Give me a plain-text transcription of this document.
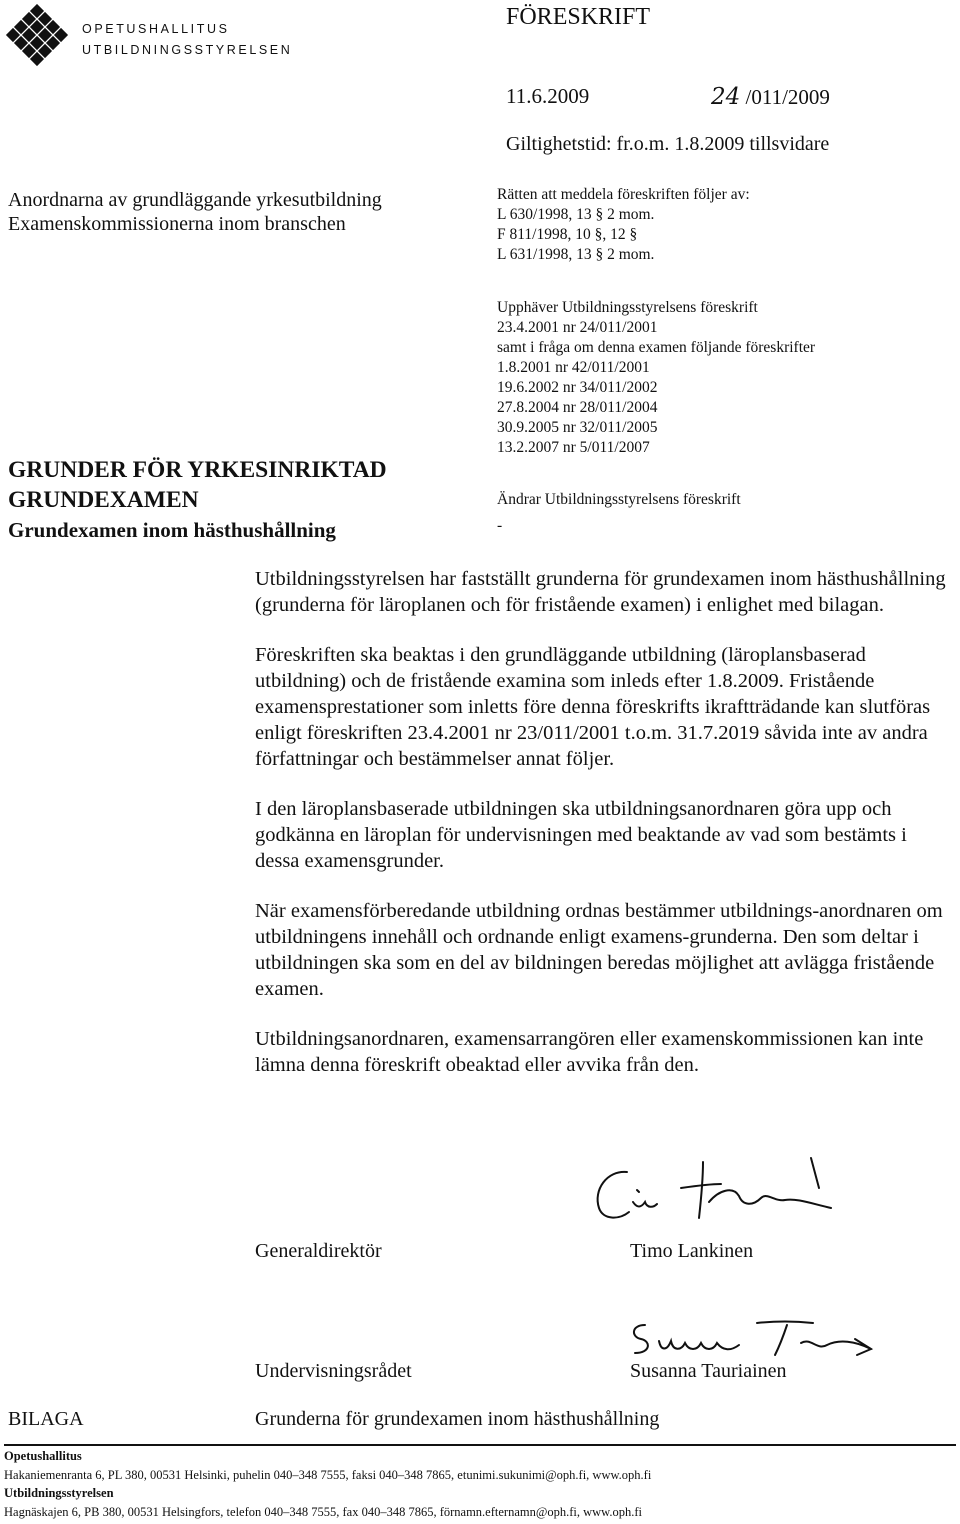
OPETUSHALLITUS
UTBILDNINGSSTYRELSEN
FÖRESKRIFT
11.6.2009	24 /011/2009
Giltighetstid: fr.o.m. 1.8.2009 tillsvidare
Anordnarna av grundläggande yrkesutbildning
Examenskommissionerna inom branschen
Rätten att meddela föreskriften följer av:
L 630/1998, 13 § 2 mom.
F 811/1998, 10 §, 12 §
L 631/1998, 13 § 2 mom.
Upphäver Utbildningsstyrelsens föreskrift
23.4.2001 nr 24/011/2001
samt i fråga om denna examen följande föreskrifter
1.8.2001 nr 42/011/2001
19.6.2002 nr 34/011/2002
27.8.2004 nr 28/011/2004
30.9.2005 nr 32/011/2005
13.2.2007 nr 5/011/2007
Ändrar Utbildningsstyrelsens föreskrift
-
GRUNDER FÖR YRKESINRIKTAD
GRUNDEXAMEN
Grundexamen inom hästhushållning

Utbildningsstyrelsen har fastställt grunderna för grundexamen inom hästhushållning (grunderna för läroplanen och för fristående examen) i enlighet med bilagan.

Föreskriften ska beaktas i den grundläggande utbildning (läroplansbaserad utbildning) och de fristående examina som inleds efter 1.8.2009. Fristående examensprestationer som inletts före denna föreskrifts ikraftträdande kan slutföras enligt föreskriften 23.4.2001 nr 23/011/2001 t.o.m. 31.7.2019 såvida inte av andra författningar och bestämmelser annat följer.

I den läroplansbaserade utbildningen ska utbildningsanordnaren göra upp och godkänna en läroplan för undervisningen med beaktande av vad som bestämts i dessa examensgrunder.

När examensförberedande utbildning ordnas bestämmer utbildnings-anordnaren om utbildningens innehåll och ordnande enligt examens-grunderna. Den som deltar i utbildningen ska som en del av bildningen beredas möjlighet att avlägga fristående examen.

Utbildningsanordnaren, examensarrangören eller examenskommissionen kan inte lämna denna föreskrift obeaktad eller avvika från den.

Generaldirektör	Timo Lankinen
Undervisningsrådet	Susanna Tauriainen
BILAGA	Grunderna för grundexamen inom hästhushållning
Opetushallitus
Hakaniemenranta 6, PL 380, 00531 Helsinki, puhelin 040–348 7555, faksi 040–348 7865, etunimi.sukunimi@oph.fi, www.oph.fi
Utbildningsstyrelsen
Hagnäskajen 6, PB 380, 00531 Helsingfors, telefon 040–348 7555, fax 040–348 7865, förnamn.efternamn@oph.fi, www.oph.fi
